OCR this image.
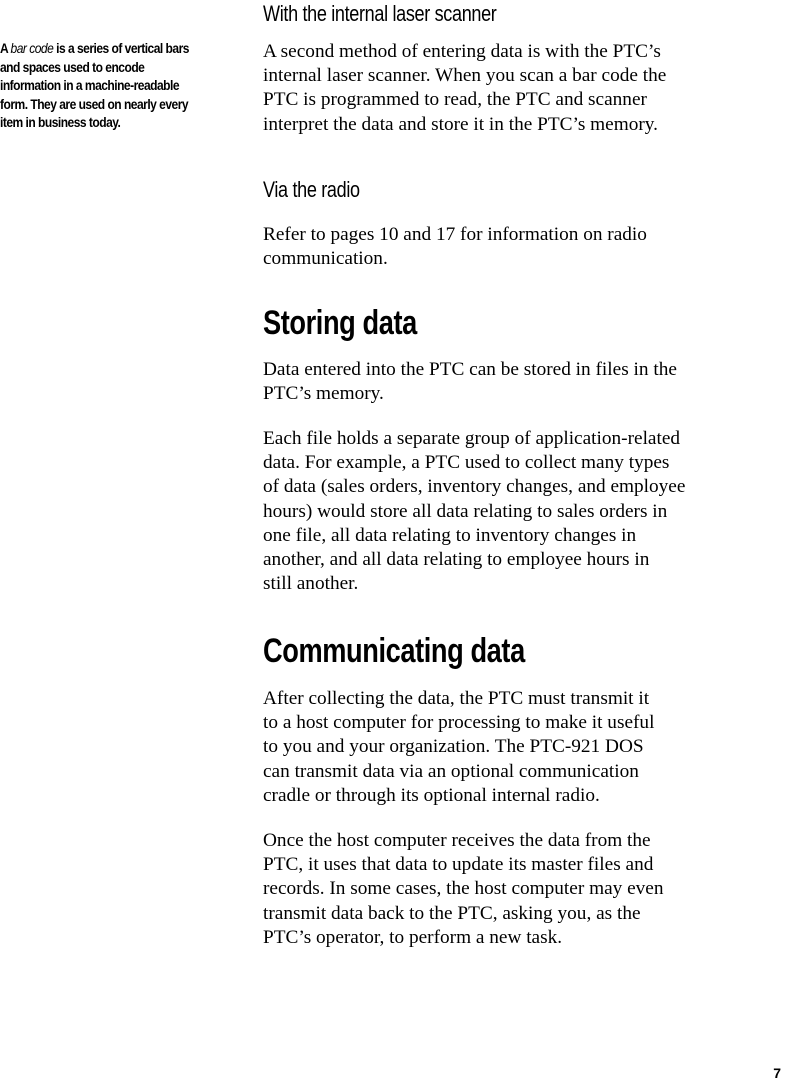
A bar code is a series of vertical bars and spaces used to encode information in a machine-readable form. They are used on nearly every item in business today.
With the internal laser scanner

A second method of entering data is with the PTC’s
internal laser scanner. When you scan a bar code the
PTC is programmed to read, the PTC and scanner
interpret the data and store it in the PTC’s memory.

Via the radio

Refer to pages 10 and 17 for information on radio
communication.

Storing data

Data entered into the PTC can be stored in files in the
PTC’s memory.

Each file holds a separate group of application-related
data. For example, a PTC used to collect many types
of data (sales orders, inventory changes, and employee
hours) would store all data relating to sales orders in
one file, all data relating to inventory changes in
another, and all data relating to employee hours in
still another.

Communicating data

After collecting the data, the PTC must transmit it
to a host computer for processing to make it useful
to you and your organization. The PTC-921 DOS
can transmit data via an optional communication
cradle or through its optional internal radio.

Once the host computer receives the data from the
PTC, it uses that data to update its master files and
records. In some cases, the host computer may even
transmit data back to the PTC, asking you, as the
PTC’s operator, to perform a new task.

7
